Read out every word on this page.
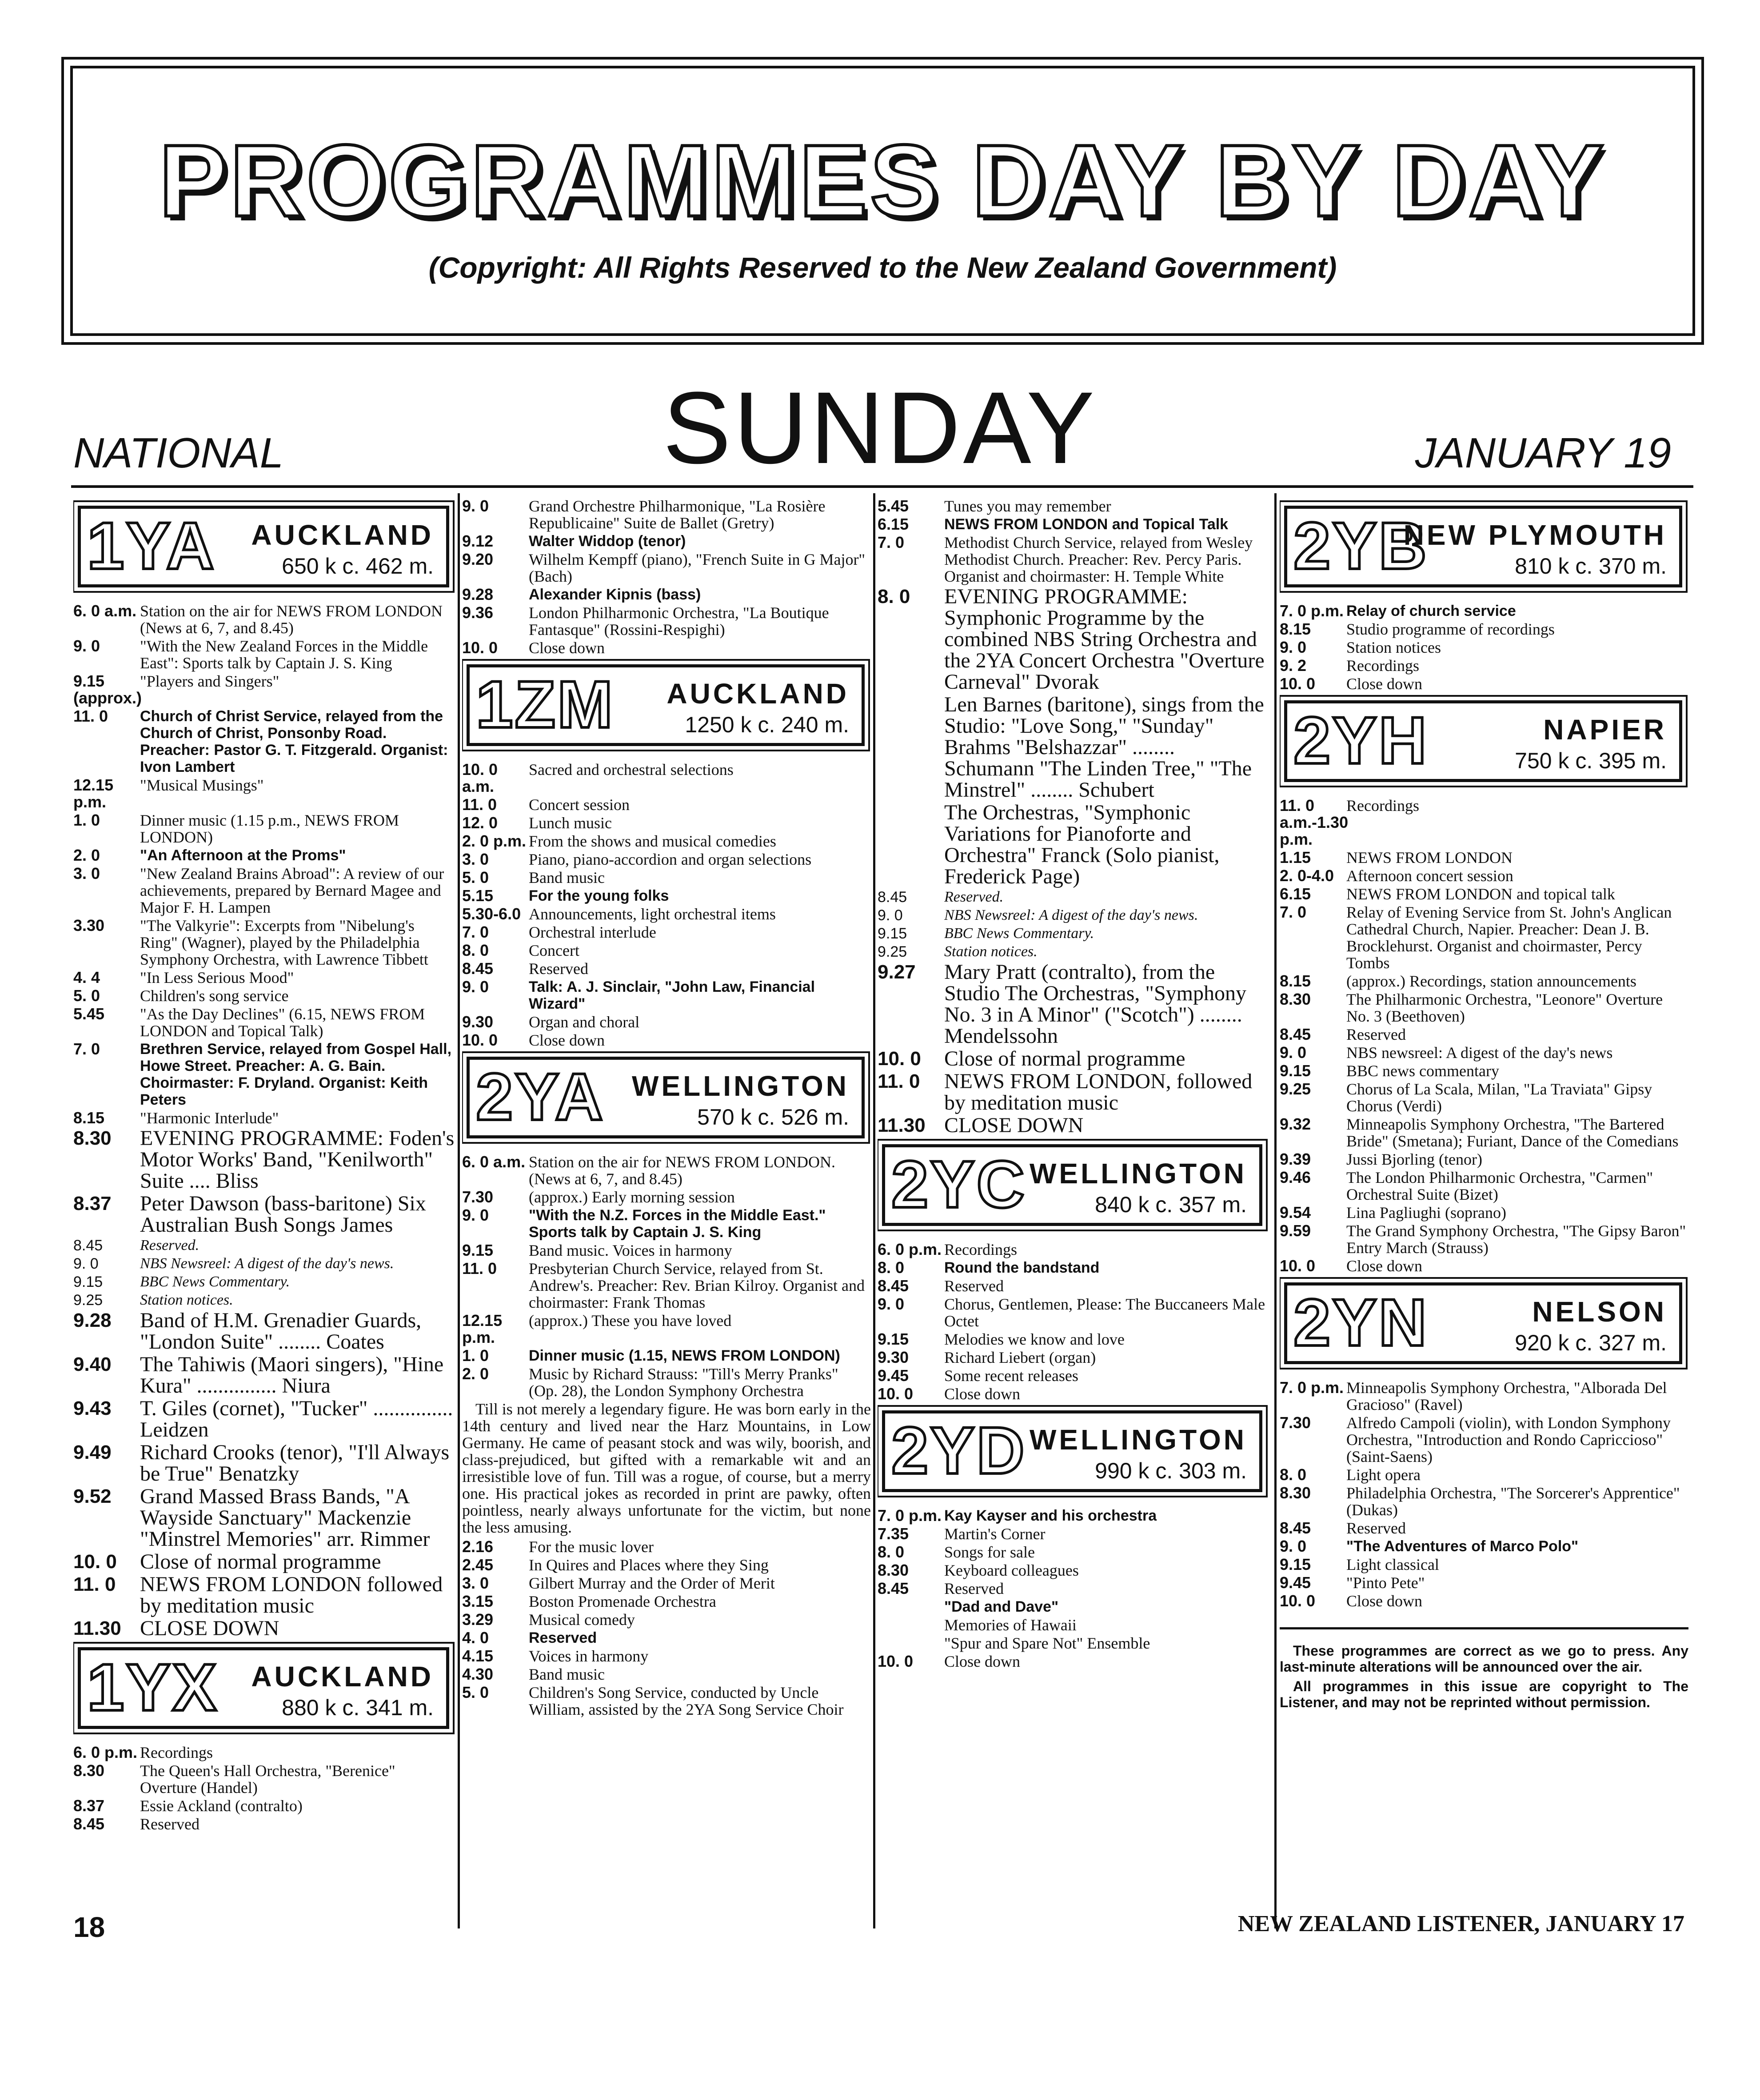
PROGRAMMES DAY BY DAY
(Copyright: All Rights Reserved to the New Zealand Government)
SUNDAY
NATIONAL	JANUARY 19
1YA AUCKLAND
650 k c. 462 m.
6. 0 a.m. Station on the air for NEWS FROM LONDON (News at 6, 7, and 8.45)
9. 0	"With the New Zealand Forces in the Middle East": Sports talk by Captain J. S. King
9.15 (approx.)
"Players and Singers"
11. 0	Church of Christ Service, relayed from the Church of Christ, Ponsonby Road. Preacher: Pastor G. T. Fitzgerald. Organist: Ivon Lambert
12.15 p.m.
"Musical Musings"
1. 0	Dinner music (1.15 p.m., NEWS FROM LONDON)
2. 0	"An Afternoon at the Proms"
3. 0	"New Zealand Brains Abroad": A review of our achievements, prepared by Bernard Magee and Major F. H. Lampen
3.30	"The Valkyrie": Excerpts from "Nibelung's Ring" (Wagner), played by the Philadelphia Symphony Orchestra, with Lawrence Tibbett
4. 4	"In Less Serious Mood"
5. 0	Children's song service
5.45	"As the Day Declines" (6.15, NEWS FROM LONDON and Topical Talk)
7. 0	Brethren Service, relayed from Gospel Hall, Howe Street. Preacher: A. G. Bain. Choirmaster: F. Dryland. Organist: Keith Peters
8.15	"Harmonic Interlude"
8.30	EVENING PROGRAMME: Foden's Motor Works' Band, "Kenilworth" Suite .... Bliss
8.37	Peter Dawson (bass-baritone) Six Australian Bush Songs James
8.45	Reserved.
9. 0	NBS Newsreel: A digest of the day's news.
9.15	BBC News Commentary.
9.25	Station notices.
9.28	Band of H.M. Grenadier Guards, "London Suite" ........ Coates
9.40	The Tahiwis (Maori singers), "Hine Kura" ............... Niura
9.43	T. Giles (cornet), "Tucker" ............... Leidzen
9.49	Richard Crooks (tenor), "I'll Always be True" Benatzky
9.52	Grand Massed Brass Bands, "A Wayside Sanctuary" Mackenzie "Minstrel Memories" arr. Rimmer
10. 0	Close of normal programme
11. 0	NEWS FROM LONDON followed by meditation music
11.30 CLOSE DOWN
1YX AUCKLAND
880 k c. 341 m.
6. 0 p.m. Recordings
8.30	The Queen's Hall Orchestra, "Berenice" Overture (Handel)
8.37	Essie Ackland (contralto)
8.45	Reserved
9. 0	Grand Orchestre Philharmonique, "La Rosière Republicaine" Suite de Ballet (Gretry)
9.12	Walter Widdop (tenor)
9.20	Wilhelm Kempff (piano), "French Suite in G Major" (Bach)
9.28	Alexander Kipnis (bass)
9.36	London Philharmonic Orchestra, "La Boutique Fantasque" (Rossini-Respighi)
10. 0	Close down
1ZM AUCKLAND
1250 k c. 240 m.
10. 0 a.m.
Sacred and orchestral selections
11. 0	Concert session
12. 0	Lunch music
2. 0 p.m. From the shows and musical comedies
3. 0	Piano, piano-accordion and organ selections
5. 0	Band music
5.15	For the young folks
5.30-6.0 Announcements, light orchestral items
7. 0	Orchestral interlude
8. 0	Concert
8.45	Reserved
9. 0	Talk: A. J. Sinclair, "John Law, Financial Wizard"
9.30	Organ and choral
10. 0	Close down
2YA WELLINGTON
570 k c. 526 m.
6. 0 a.m. Station on the air for NEWS FROM LONDON. (News at 6, 7, and 8.45)
7.30	(approx.) Early morning session
9. 0	"With the N.Z. Forces in the Middle East." Sports talk by Captain J. S. King
9.15	Band music. Voices in harmony
11. 0	Presbyterian Church Service, relayed from St. Andrew's. Preacher: Rev. Brian Kilroy. Organist and choirmaster: Frank Thomas
12.15 p.m.
(approx.) These you have loved
1. 0	Dinner music (1.15, NEWS FROM LONDON)
2. 0	Music by Richard Strauss: "Till's Merry Pranks" (Op. 28), the London Symphony Orchestra
Till is not merely a legendary figure. He was born early in the 14th century and lived near the Harz Mountains, in Low Germany. He came of peasant stock and was wily, boorish, and class-prejudiced, but gifted with a remarkable wit and an irresistible love of fun. Till was a rogue, of course, but a merry one. His practical jokes as recorded in print are pawky, often pointless, nearly always unfortunate for the victim, but none the less amusing.
2.16	For the music lover
2.45	In Quires and Places where they Sing
3. 0	Gilbert Murray and the Order of Merit
3.15	Boston Promenade Orchestra
3.29	Musical comedy
4. 0	Reserved
4.15	Voices in harmony
4.30	Band music
5. 0	Children's Song Service, conducted by Uncle William, assisted by the 2YA Song Service Choir
5.45	Tunes you may remember
6.15	NEWS FROM LONDON and Topical Talk
7. 0	Methodist Church Service, relayed from Wesley Methodist Church. Preacher: Rev. Percy Paris. Organist and choirmaster: H. Temple White
8. 0	EVENING PROGRAMME: Symphonic Programme by the combined NBS String Orchestra and the 2YA Concert Orchestra "Overture Carneval" Dvorak
Len Barnes (baritone), sings from the Studio: "Love Song," "Sunday" Brahms "Belshazzar" ........ Schumann "The Linden Tree," "The Minstrel" ........ Schubert
The Orchestras, "Symphonic Variations for Pianoforte and Orchestra" Franck (Solo pianist, Frederick Page)
8.45	Reserved.
9. 0	NBS Newsreel: A digest of the day's news.
9.15	BBC News Commentary.
9.25	Station notices.
9.27	Mary Pratt (contralto), from the Studio The Orchestras, "Symphony No. 3 in A Minor" ("Scotch") ........ Mendelssohn
10. 0	Close of normal programme
11. 0	NEWS FROM LONDON, followed by meditation music
11.30 CLOSE DOWN
2YC WELLINGTON
840 k c. 357 m.
6. 0 p.m. Recordings
8. 0	Round the bandstand
8.45	Reserved
9. 0	Chorus, Gentlemen, Please: The Buccaneers Male Octet
9.15	Melodies we know and love
9.30	Richard Liebert (organ)
9.45	Some recent releases
10. 0	Close down
2YD WELLINGTON
990 k c. 303 m.
7. 0 p.m. Kay Kayser and his orchestra
7.35	Martin's Corner
8. 0	Songs for sale
8.30	Keyboard colleagues
8.45	Reserved
"Dad and Dave"
Memories of Hawaii
"Spur and Spare Not" Ensemble
10. 0	Close down
2YB
NEW PLYMOUTH
810 k c. 370 m.
7. 0 p.m. Relay of church service
8.15	Studio programme of recordings
9. 0	Station notices
9. 2	Recordings
10. 0	Close down
2YH	NAPIER
750 k c. 395 m.
11. 0 a.m.-1.30 p.m.
Recordings
1.15	NEWS FROM LONDON
2. 0-4.0 Afternoon concert session
6.15	NEWS FROM LONDON and topical talk
7. 0	Relay of Evening Service from St. John's Anglican Cathedral Church, Napier. Preacher: Dean J. B. Brocklehurst. Organist and choirmaster, Percy Tombs
8.15	(approx.) Recordings, station announcements
8.30	The Philharmonic Orchestra, "Leonore" Overture No. 3 (Beethoven)
8.45	Reserved
9. 0	NBS newsreel: A digest of the day's news
9.15	BBC news commentary
9.25	Chorus of La Scala, Milan, "La Traviata" Gipsy Chorus (Verdi)
9.32	Minneapolis Symphony Orchestra, "The Bartered Bride" (Smetana); Furiant, Dance of the Comedians
9.39	Jussi Bjorling (tenor)
9.46	The London Philharmonic Orchestra, "Carmen" Orchestral Suite (Bizet)
9.54	Lina Pagliughi (soprano)
9.59	The Grand Symphony Orchestra, "The Gipsy Baron" Entry March (Strauss)
10. 0	Close down
2YN	NELSON
920 k c. 327 m.
7. 0 p.m. Minneapolis Symphony Orchestra, "Alborada Del Gracioso" (Ravel)
7.30	Alfredo Campoli (violin), with London Symphony Orchestra, "Introduction and Rondo Capriccioso" (Saint-Saens)
8. 0	Light opera
8.30	Philadelphia Orchestra, "The Sorcerer's Apprentice" (Dukas)
8.45	Reserved
9. 0	"The Adventures of Marco Polo"
9.15	Light classical
9.45	"Pinto Pete"
10. 0	Close down
These programmes are correct as we go to press. Any last-minute alterations will be announced over the air.
All programmes in this issue are copyright to The Listener, and may not be reprinted without permission.
18	NEW ZEALAND LISTENER, JANUARY 17
